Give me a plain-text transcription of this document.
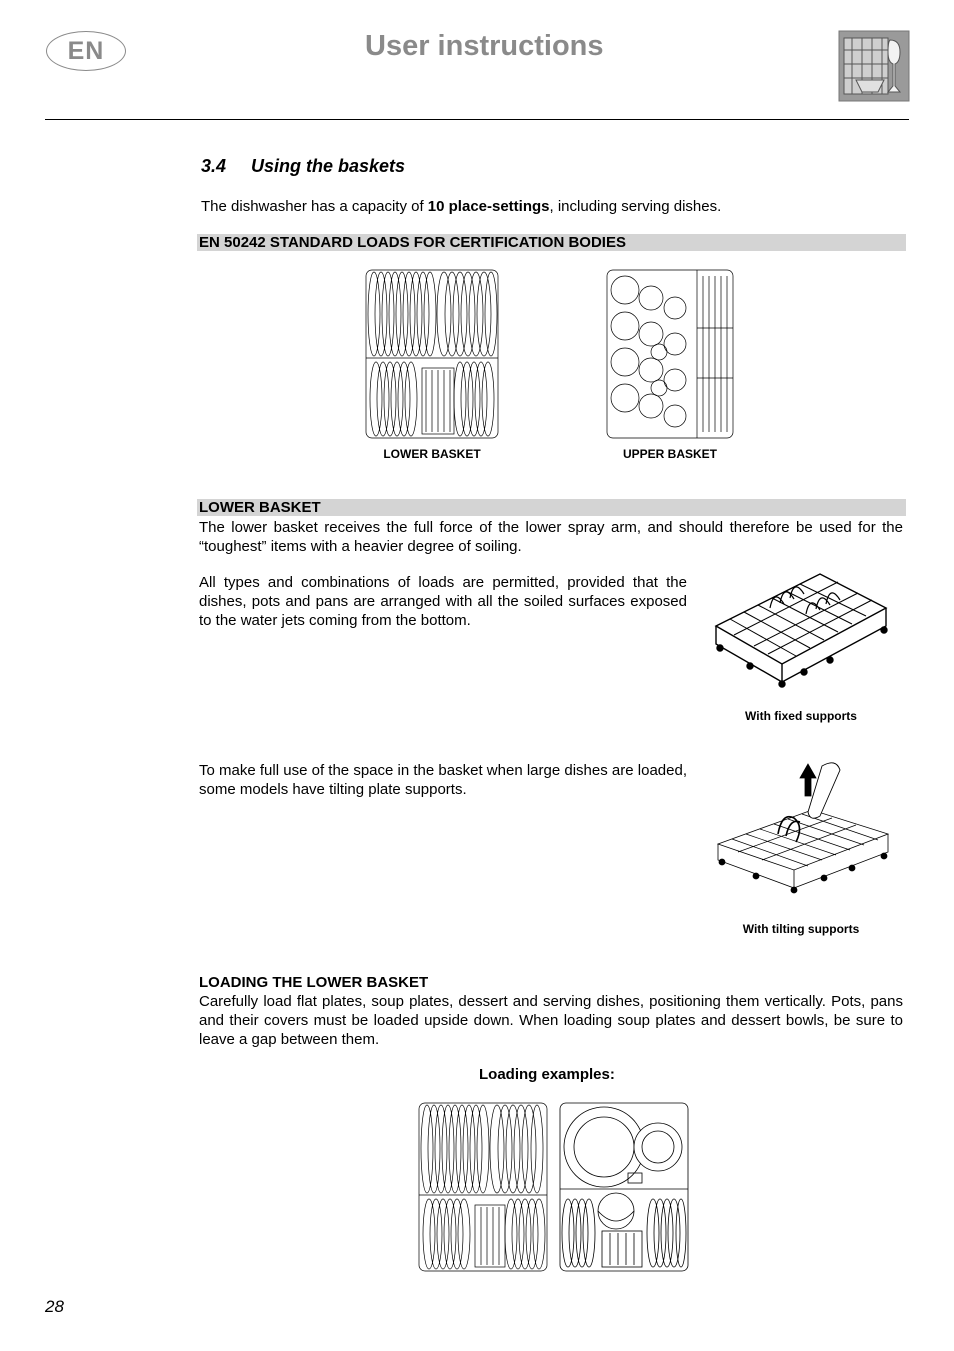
EN	User instructions
3.4 Using the baskets
The dishwasher has a capacity of 10 place-settings, including serving dishes.
EN 50242 STANDARD LOADS FOR CERTIFICATION BODIES
LOWER BASKET	UPPER BASKET
LOWER BASKET
The lower basket receives the full force of the lower spray arm, and should therefore be used for the “toughest” items with a heavier degree of soiling.
All types and combinations of loads are permitted, provided that the dishes, pots and pans are arranged with all the soiled surfaces exposed to the water jets coming from the bottom.
With fixed supports
To make full use of the space in the basket when large dishes are loaded, some models have tilting plate supports.
With tilting supports
LOADING THE LOWER BASKET
Carefully load flat plates, soup plates, dessert and serving dishes, positioning them vertically. Pots, pans and their covers must be loaded upside down. When loading soup plates and dessert bowls, be sure to leave a gap between them.
Loading examples:
28
